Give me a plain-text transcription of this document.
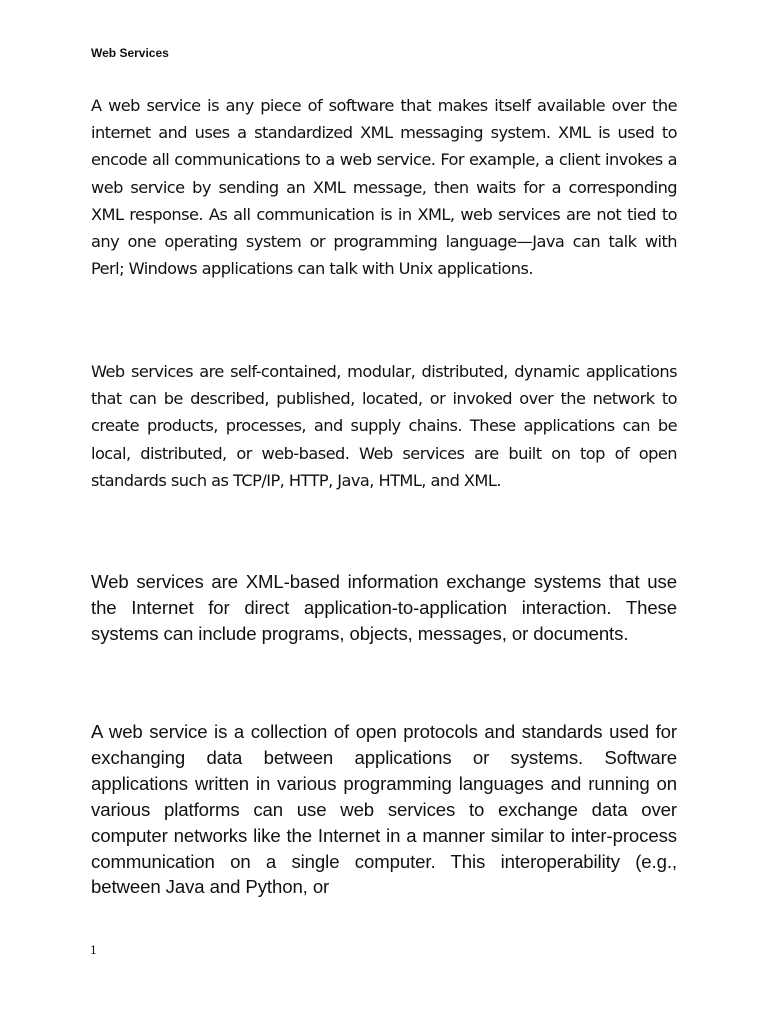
Web Services

A web service is any piece of software that makes itself available over the internet and uses a standardized XML messaging system. XML is used to encode all communications to a web service. For example, a client invokes a web service by sending an XML message, then waits for a corresponding XML response. As all communication is in XML, web services are not tied to any one operating system or programming language—Java can talk with Perl; Windows applications can talk with Unix applications.

Web services are self-contained, modular, distributed, dynamic applications that can be described, published, located, or invoked over the network to create products, processes, and supply chains. These applications can be local, distributed, or web-based. Web services are built on top of open standards such as TCP/IP, HTTP, Java, HTML, and XML.

Web services are XML-based information exchange systems that use the Internet for direct application-to-application interaction. These systems can include programs, objects, messages, or documents.

A web service is a collection of open protocols and standards used for exchanging data between applications or systems. Software applications written in various programming languages and running on various platforms can use web services to exchange data over computer networks like the Internet in a manner similar to inter-process communication on a single computer. This interoperability (e.g., between Java and Python, or

1
